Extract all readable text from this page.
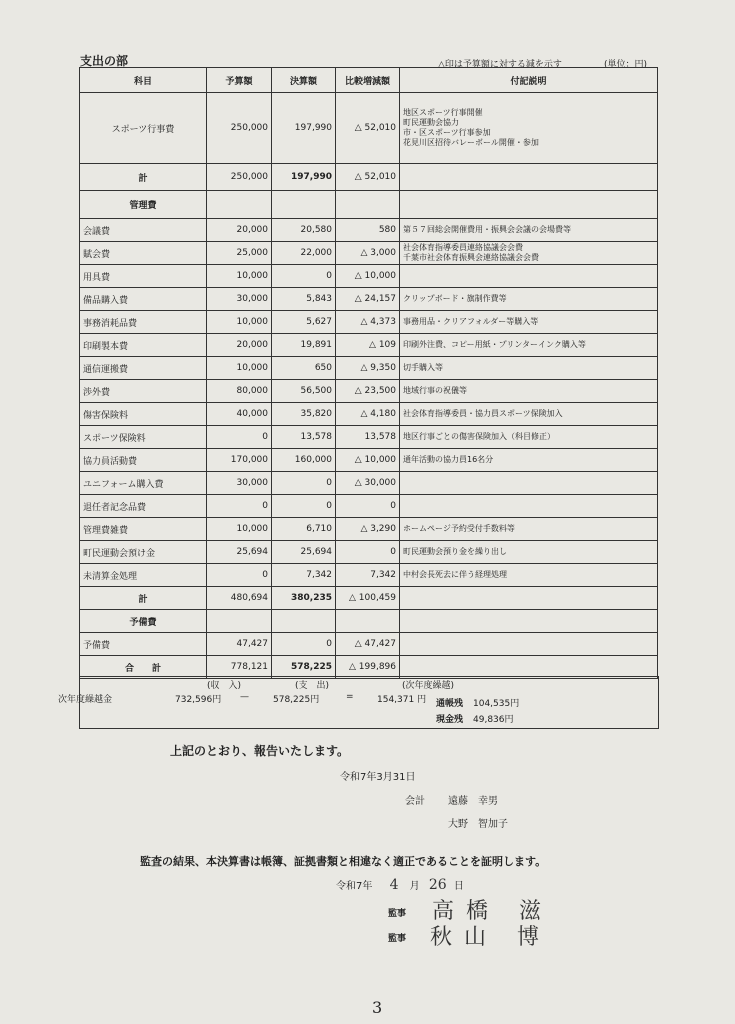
支出の部	△印は予算額に対する減を示す	(単位：円)
科目	予算額	決算額	比較増減額	付記説明
スポーツ行事費	250,000	197,990	△ 52,010	地区スポーツ行事開催
町民運動会協力
市・区スポーツ行事参加
花見川区招待バレーボール開催・参加

計	250,000	197,990	△ 52,010	
管理費				
会議費	20,000	20,580	580	第５７回総会開催費用・振興会会議の会場費等
賦会費	25,000	22,000	△ 3,000	社会体育指導委員連絡協議会会費
千葉市社会体育振興会連絡協議会会費
用具費	10,000	0	△ 10,000	
備品購入費	30,000	5,843	△ 24,157	クリップボード・旗制作費等
事務消耗品費	10,000	5,627	△ 4,373	事務用品・クリアフォルダー等購入等
印刷製本費	20,000	19,891	△ 109	印刷外注費、コピー用紙・プリンターインク購入等
通信運搬費	10,000	650	△ 9,350	切手購入等
渉外費	80,000	56,500	△ 23,500	地域行事の祝儀等
傷害保険料	40,000	35,820	△ 4,180	社会体育指導委員・協力員スポーツ保険加入
スポーツ保険料	0	13,578	13,578	地区行事ごとの傷害保険加入（科目修正）
協力員活動費	170,000	160,000	△ 10,000	通年活動の協力員16名分
ユニフォーム購入費	30,000	0	△ 30,000	
退任者記念品費	0	0	0	
管理費雑費	10,000	6,710	△ 3,290	ホームページ予約受付手数料等
町民運動会預け金	25,694	25,694	0	町民運動会預り金を繰り出し
未清算金処理	0	7,342	7,342	中村会長死去に伴う経理処理
計	480,694	380,235	△ 100,459	
予備費				
予備費	47,427	0	△ 47,427	
合　　計	778,121	578,225	△ 199,896	
(収　入)	(支　出)	(次年度繰越)
次年度繰越金	732,596円 —	578,225円	=	154,371 円 通帳残 104,535円
現金残 49,836円
上記のとおり、報告いたします。
令和7年3月31日
会計 遠藤　幸男
大野　智加子
監査の結果、本決算書は帳簿、証拠書類と相違なく適正であることを証明します。
令和7年 4 月 26 日
監事 高橋 滋
監事 秋山 博
3
